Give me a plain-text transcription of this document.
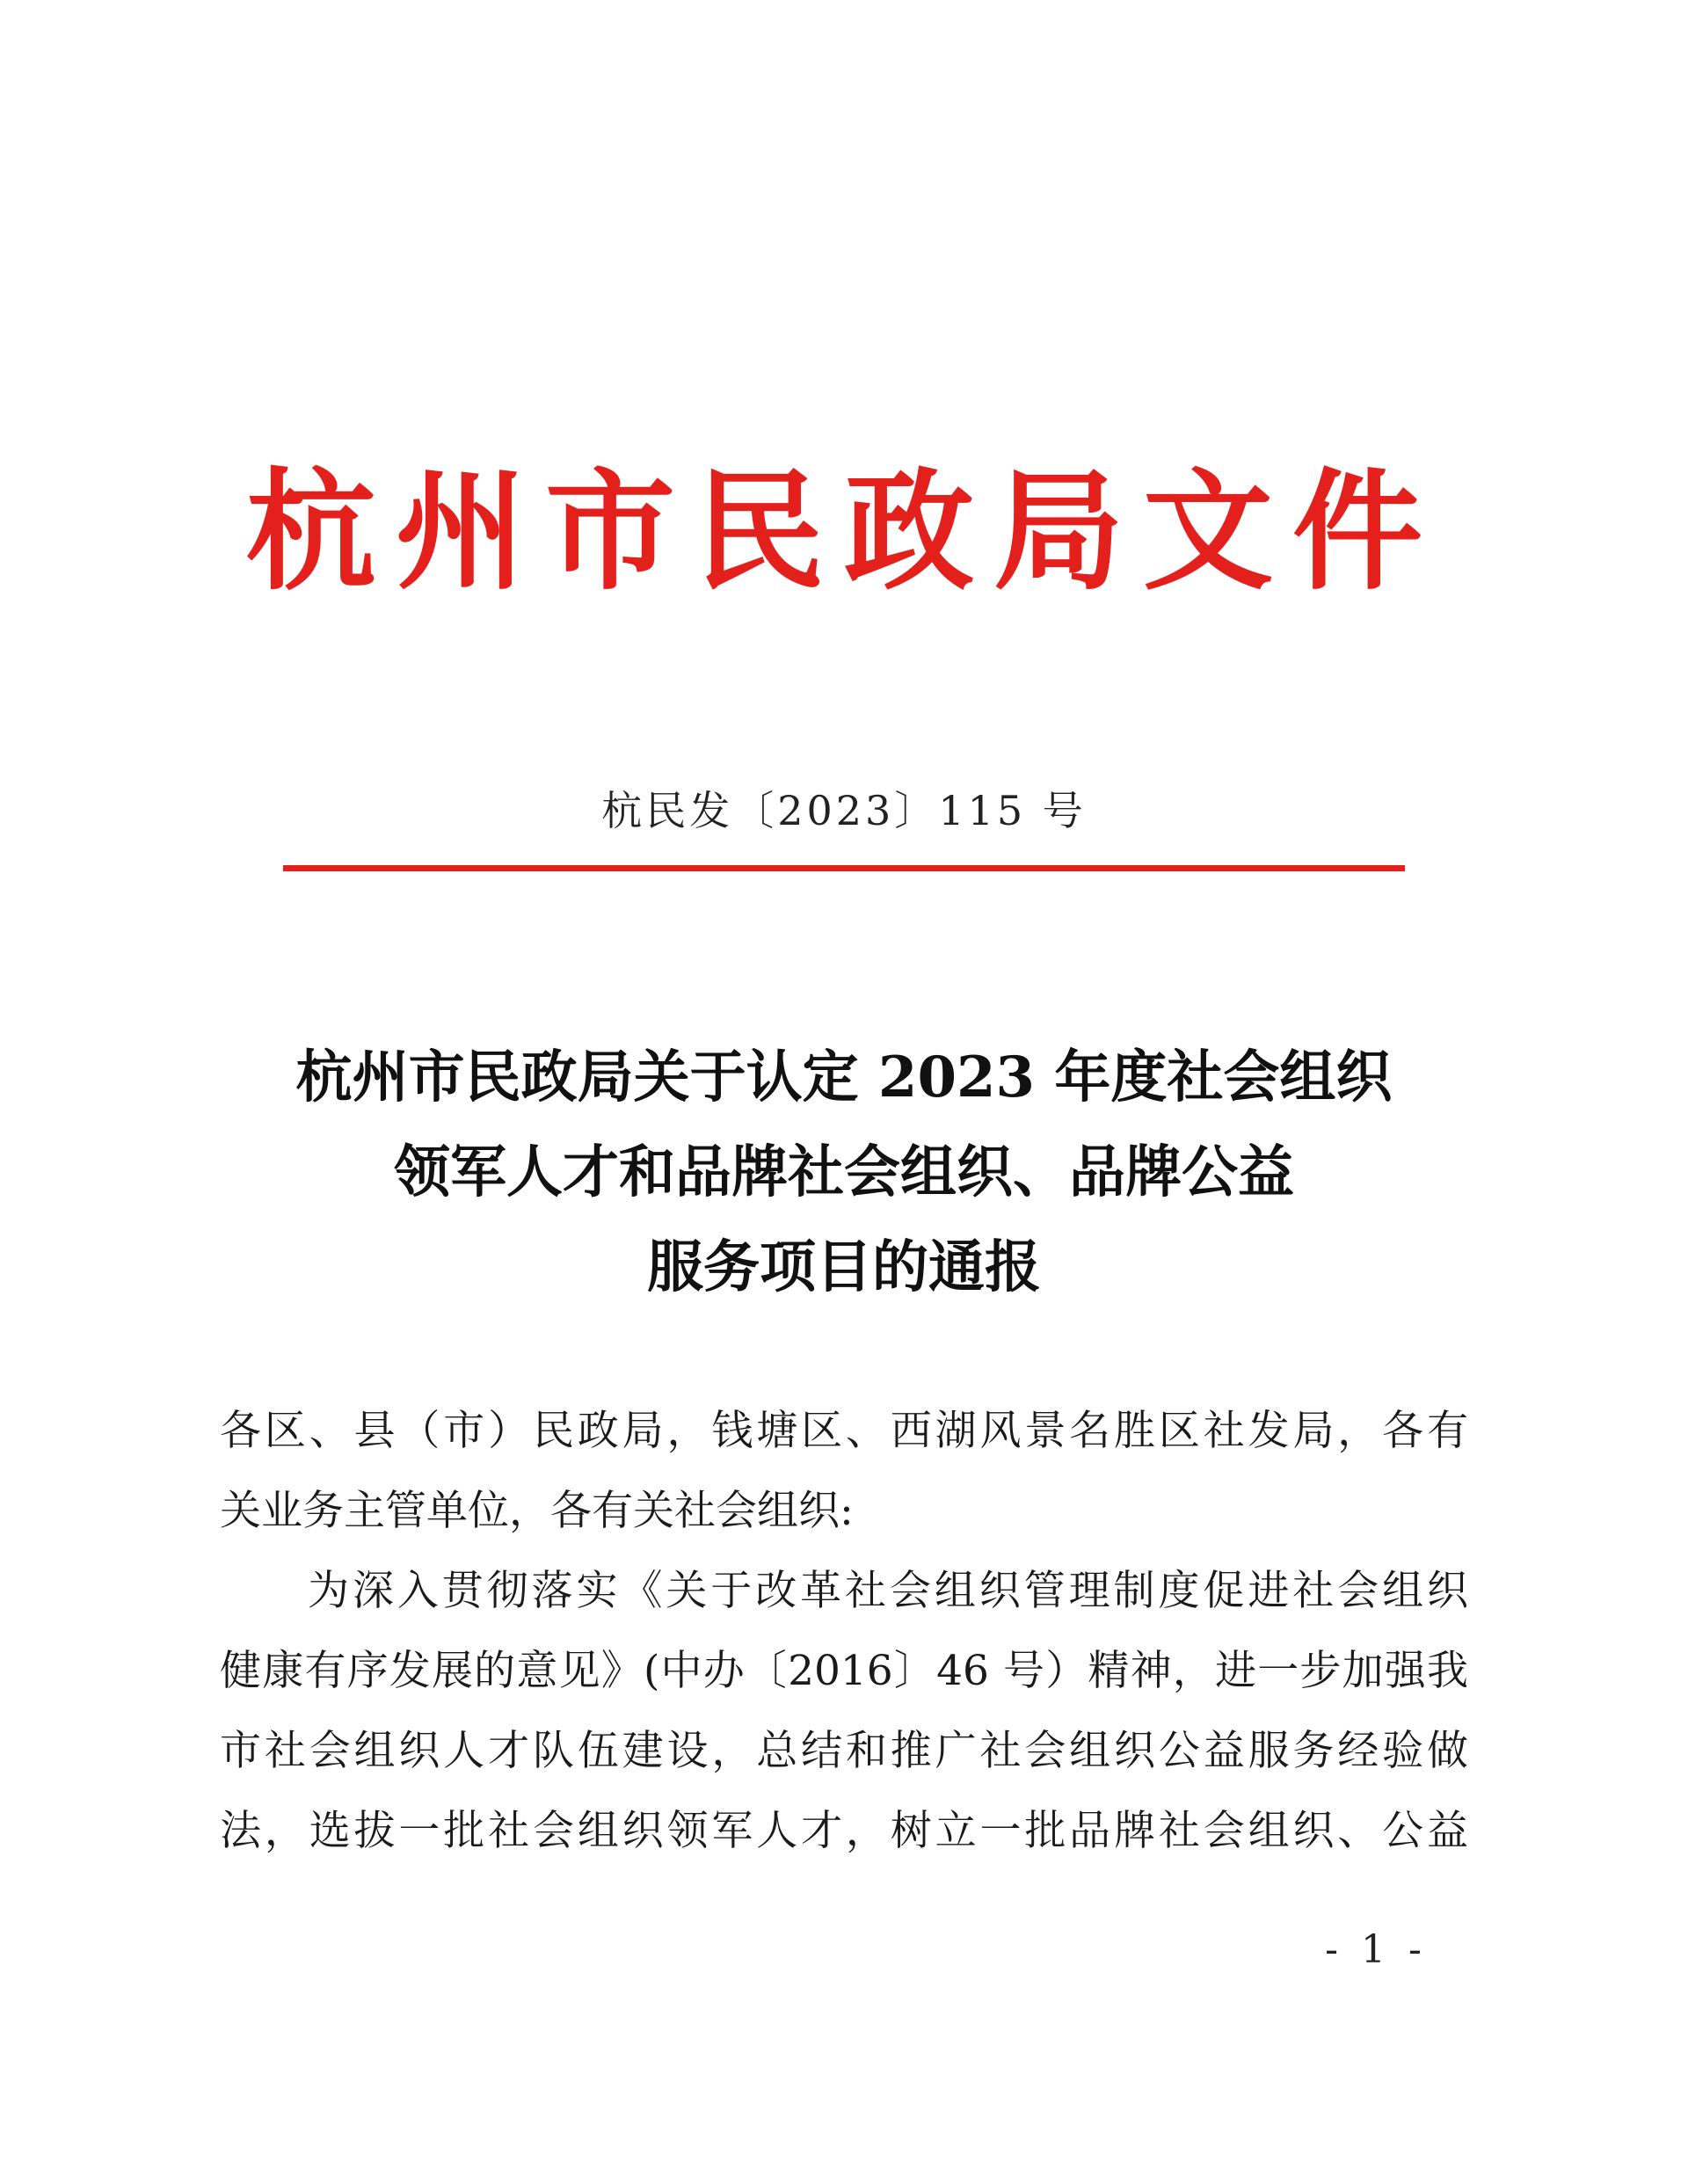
杭州市民政局文件
杭民发〔2023〕115 号
杭州市民政局关于认定 2023 年度社会组织
领军人才和品牌社会组织、品牌公益
服务项目的通报
各区、县（市）民政局，钱塘区、西湖风景名胜区社发局，各有
关业务主管单位，各有关社会组织:
为深入贯彻落实《关于改革社会组织管理制度促进社会组织
健康有序发展的意见》(中办〔2016〕46 号）精神，进一步加强我
市社会组织人才队伍建设，总结和推广社会组织公益服务经验做
法，选拔一批社会组织领军人才，树立一批品牌社会组织、公益
- 1 -
